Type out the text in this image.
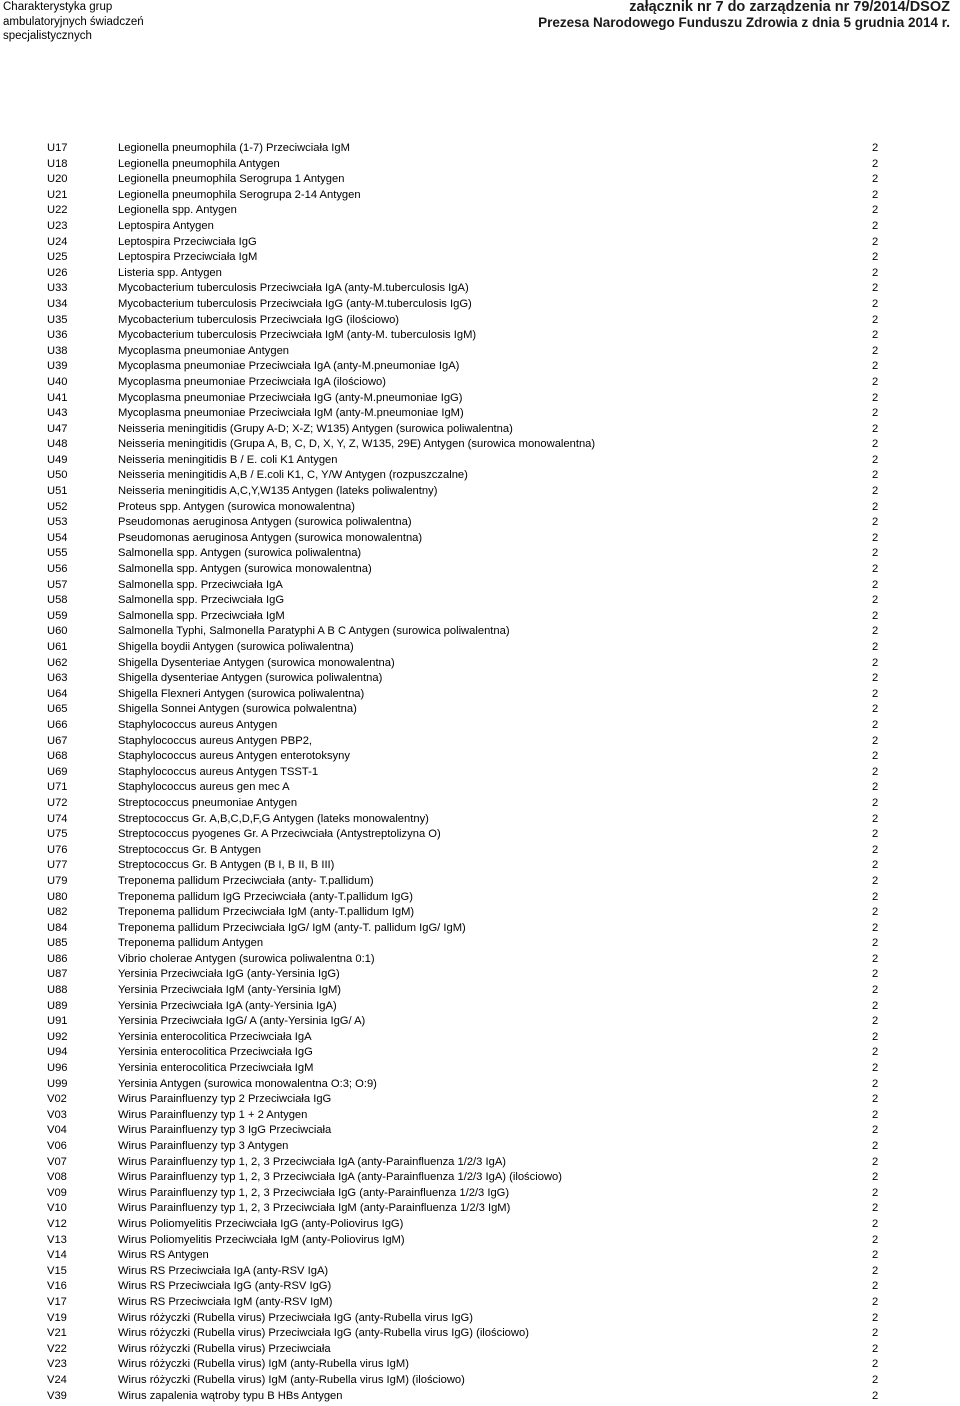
Charakterystyka grup
ambulatoryjnych świadczeń
specjalistycznych
załącznik nr 7 do zarządzenia nr 79/2014/DSOZ
Prezesa Narodowego Funduszu Zdrowia z dnia 5 grudnia 2014 r.
U17	Legionella pneumophila (1-7) Przeciwciała IgM	2
U18	Legionella pneumophila Antygen	2
U20	Legionella pneumophila Serogrupa 1 Antygen	2
U21	Legionella pneumophila Serogrupa 2-14 Antygen	2
U22	Legionella spp. Antygen	2
U23	Leptospira Antygen	2
U24	Leptospira Przeciwciała IgG	2
U25	Leptospira Przeciwciała IgM	2
U26	Listeria spp. Antygen	2
U33	Mycobacterium tuberculosis Przeciwciała IgA (anty-M.tuberculosis IgA)	2
U34	Mycobacterium tuberculosis Przeciwciała IgG (anty-M.tuberculosis IgG)	2
U35	Mycobacterium tuberculosis Przeciwciała IgG (ilościowo)	2
U36	Mycobacterium tuberculosis Przeciwciała IgM (anty-M. tuberculosis IgM)	2
U38	Mycoplasma pneumoniae Antygen	2
U39	Mycoplasma pneumoniae Przeciwciała IgA (anty-M.pneumoniae IgA)	2
U40	Mycoplasma pneumoniae Przeciwciała IgA (ilościowo)	2
U41	Mycoplasma pneumoniae Przeciwciała IgG (anty-M.pneumoniae IgG)	2
U43	Mycoplasma pneumoniae Przeciwciała IgM (anty-M.pneumoniae IgM)	2
U47	Neisseria meningitidis (Grupy A-D; X-Z; W135) Antygen (surowica poliwalentna)	2
U48	Neisseria meningitidis (Grupa A, B, C, D, X, Y, Z, W135, 29E) Antygen (surowica monowalentna)	2
U49	Neisseria meningitidis B / E. coli K1 Antygen	2
U50	Neisseria meningitidis A,B / E.coli K1, C, Y/W Antygen (rozpuszczalne)	2
U51	Neisseria meningitidis A,C,Y,W135 Antygen (lateks poliwalentny)	2
U52	Proteus spp. Antygen (surowica monowalentna)	2
U53	Pseudomonas aeruginosa Antygen (surowica poliwalentna)	2
U54	Pseudomonas aeruginosa Antygen (surowica monowalentna)	2
U55	Salmonella spp. Antygen (surowica poliwalentna)	2
U56	Salmonella spp. Antygen (surowica monowalentna)	2
U57	Salmonella spp. Przeciwciała IgA	2
U58	Salmonella spp. Przeciwciała IgG	2
U59	Salmonella spp. Przeciwciała IgM	2
U60	Salmonella Typhi, Salmonella Paratyphi A B C Antygen (surowica poliwalentna)	2
U61	Shigella boydii Antygen (surowica poliwalentna)	2
U62	Shigella Dysenteriae Antygen (surowica monowalentna)	2
U63	Shigella dysenteriae Antygen (surowica poliwalentna)	2
U64	Shigella Flexneri Antygen (surowica poliwalentna)	2
U65	Shigella Sonnei Antygen (surowica polwalentna)	2
U66	Staphylococcus aureus Antygen	2
U67	Staphylococcus aureus Antygen PBP2,	2
U68	Staphylococcus aureus Antygen enterotoksyny	2
U69	Staphylococcus aureus Antygen TSST-1	2
U71	Staphylococcus aureus gen mec A	2
U72	Streptococcus pneumoniae Antygen	2
U74	Streptococcus Gr. A,B,C,D,F,G Antygen (lateks monowalentny)	2
U75	Streptococcus pyogenes Gr. A Przeciwciała (Antystreptolizyna O)	2
U76	Streptococcus Gr. B Antygen	2
U77	Streptococcus Gr. B Antygen (B I, B II, B III)	2
U79	Treponema pallidum Przeciwciała (anty- T.pallidum)	2
U80	Treponema pallidum IgG Przeciwciała (anty-T.pallidum IgG)	2
U82	Treponema pallidum Przeciwciała IgM (anty-T.pallidum IgM)	2
U84	Treponema pallidum Przeciwciała IgG/ IgM (anty-T. pallidum IgG/ IgM)	2
U85	Treponema pallidum Antygen	2
U86	Vibrio cholerae Antygen (surowica poliwalentna 0:1)	2
U87	Yersinia Przeciwciała IgG (anty-Yersinia IgG)	2
U88	Yersinia Przeciwciała IgM (anty-Yersinia IgM)	2
U89	Yersinia Przeciwciała IgA (anty-Yersinia IgA)	2
U91	Yersinia Przeciwciała IgG/ A (anty-Yersinia IgG/ A)	2
U92	Yersinia enterocolitica Przeciwciała IgA	2
U94	Yersinia enterocolitica Przeciwciała IgG	2
U96	Yersinia enterocolitica Przeciwciała IgM	2
U99	Yersinia Antygen (surowica monowalentna O:3; O:9)	2
V02	Wirus Parainfluenzy typ 2 Przeciwciała IgG	2
V03	Wirus Parainfluenzy typ 1 + 2 Antygen	2
V04	Wirus Parainfluenzy typ 3 IgG Przeciwciała	2
V06	Wirus Parainfluenzy typ 3 Antygen	2
V07	Wirus Parainfluenzy typ 1, 2, 3 Przeciwciała IgA (anty-Parainfluenza 1/2/3 IgA)	2
V08	Wirus Parainfluenzy typ 1, 2, 3 Przeciwciała IgA (anty-Parainfluenza 1/2/3 IgA) (ilościowo)	2
V09	Wirus Parainfluenzy typ 1, 2, 3 Przeciwciała IgG (anty-Parainfluenza 1/2/3 IgG)	2
V10	Wirus Parainfluenzy typ 1, 2, 3 Przeciwciała IgM (anty-Parainfluenza 1/2/3 IgM)	2
V12	Wirus Poliomyelitis Przeciwciała IgG (anty-Poliovirus IgG)	2
V13	Wirus Poliomyelitis Przeciwciała IgM (anty-Poliovirus IgM)	2
V14	Wirus RS Antygen	2
V15	Wirus RS Przeciwciała IgA (anty-RSV IgA)	2
V16	Wirus RS Przeciwciała IgG (anty-RSV IgG)	2
V17	Wirus RS Przeciwciała IgM (anty-RSV IgM)	2
V19	Wirus różyczki (Rubella virus) Przeciwciała IgG (anty-Rubella virus IgG)	2
V21	Wirus różyczki (Rubella virus) Przeciwciała IgG (anty-Rubella virus IgG) (ilościowo)	2
V22	Wirus różyczki (Rubella virus) Przeciwciała	2
V23	Wirus różyczki (Rubella virus) IgM (anty-Rubella virus IgM)	2
V24	Wirus różyczki (Rubella virus) IgM (anty-Rubella virus IgM) (ilościowo)	2
V39	Wirus zapalenia wątroby typu B HBs Antygen	2
